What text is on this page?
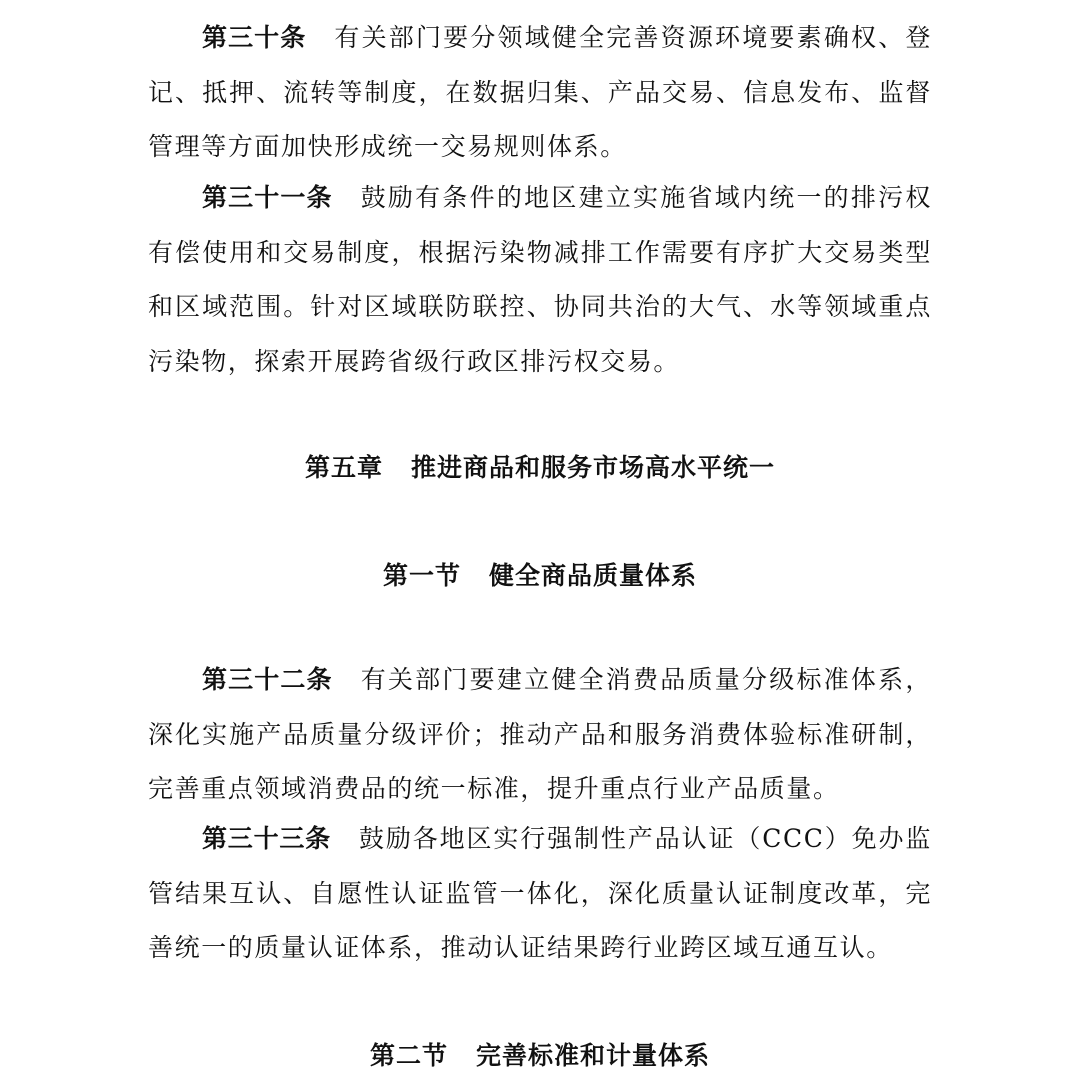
第三十条 有关部门要分领域健全完善资源环境要素确权、登记、抵押、流转等制度，在数据归集、产品交易、信息发布、监督管理等方面加快形成统一交易规则体系。

第三十一条 鼓励有条件的地区建立实施省域内统一的排污权有偿使用和交易制度，根据污染物减排工作需要有序扩大交易类型和区域范围。针对区域联防联控、协同共治的大气、水等领域重点污染物，探索开展跨省级行政区排污权交易。

第五章 推进商品和服务市场高水平统一
第一节 健全商品质量体系

第三十二条 有关部门要建立健全消费品质量分级标准体系，深化实施产品质量分级评价；推动产品和服务消费体验标准研制，完善重点领域消费品的统一标准，提升重点行业产品质量。

第三十三条 鼓励各地区实行强制性产品认证（CCC）免办监管结果互认、自愿性认证监管一体化，深化质量认证制度改革，完善统一的质量认证体系，推动认证结果跨行业跨区域互通互认。

第二节 完善标准和计量体系
